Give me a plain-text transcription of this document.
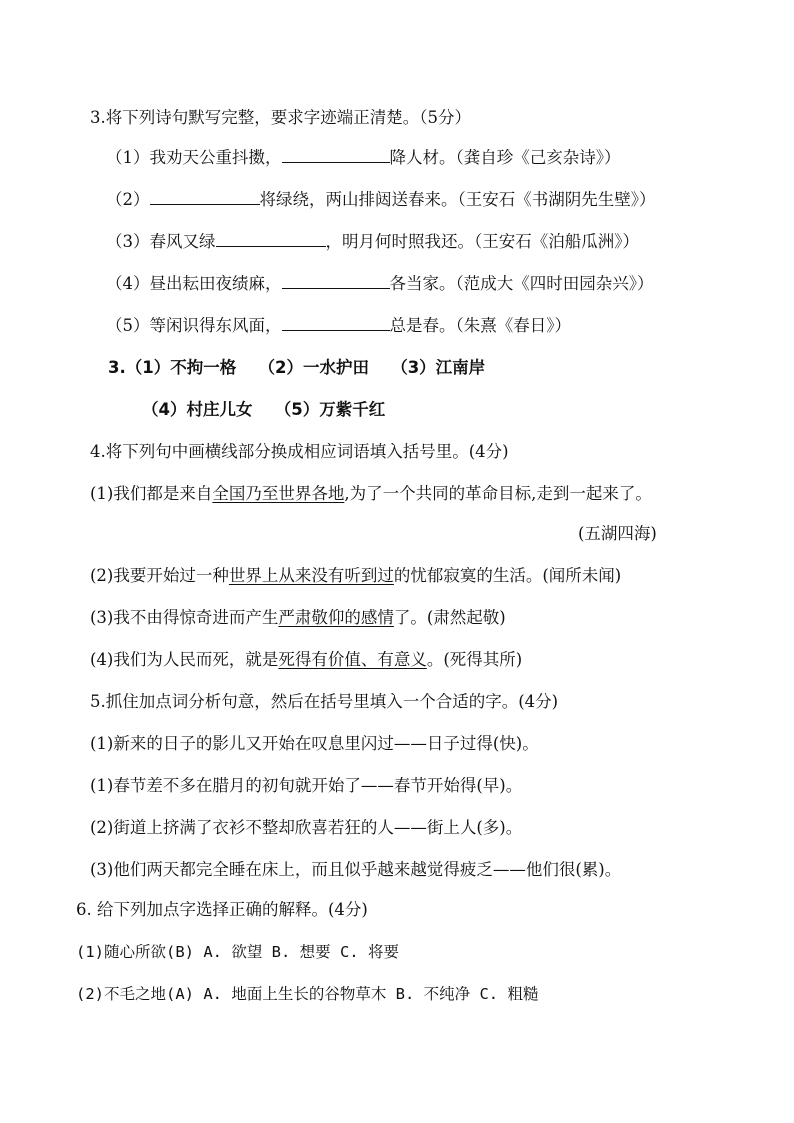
3.将下列诗句默写完整，要求字迹端正清楚。（5分）
（1）我劝天公重抖擞，	降人材。（龚自珍《己亥杂诗》）
（2）	将绿绕，两山排闼送春来。（王安石《书湖阴先生壁》）
（3）春风又绿	，明月何时照我还。（王安石《泊船瓜洲》）
（4）昼出耘田夜绩麻，	各当家。（范成大《四时田园杂兴》）
（5）等闲识得东风面，	总是春。（朱熹《春日》）
3.（1）不拘一格　 （2）一水护田　 （3）江南岸
（4）村庄儿女　 （5）万紫千红
4.将下列句中画横线部分换成相应词语填入括号里。(4分)
(1)我们都是来自全国乃至世界各地,为了一个共同的革命目标,走到一起来了。
(五湖四海)
(2)我要开始过一种世界上从来没有听到过的忧郁寂寞的生活。(闻所未闻)
(3)我不由得惊奇进而产生严肃敬仰的感情了。(肃然起敬)
(4)我们为人民而死，就是死得有价值、有意义。(死得其所)
5.抓住加点词分析句意，然后在括号里填入一个合适的字。(4分)
(1)新来的日子的影儿又开始在叹息里闪过——日子过得(快)。
(1)春节差不多在腊月的初旬就开始了——春节开始得(早)。
(2)街道上挤满了衣衫不整却欣喜若狂的人——街上人(多)。
(3)他们两天都完全睡在床上，而且似乎越来越觉得疲乏——他们很(累)。
6. 给下列加点字选择正确的解释。(4分)
(1)随心所欲(B) A. 欲望 B. 想要 C. 将要
(2)不毛之地(A) A. 地面上生长的谷物草木 B. 不纯净 C. 粗糙
